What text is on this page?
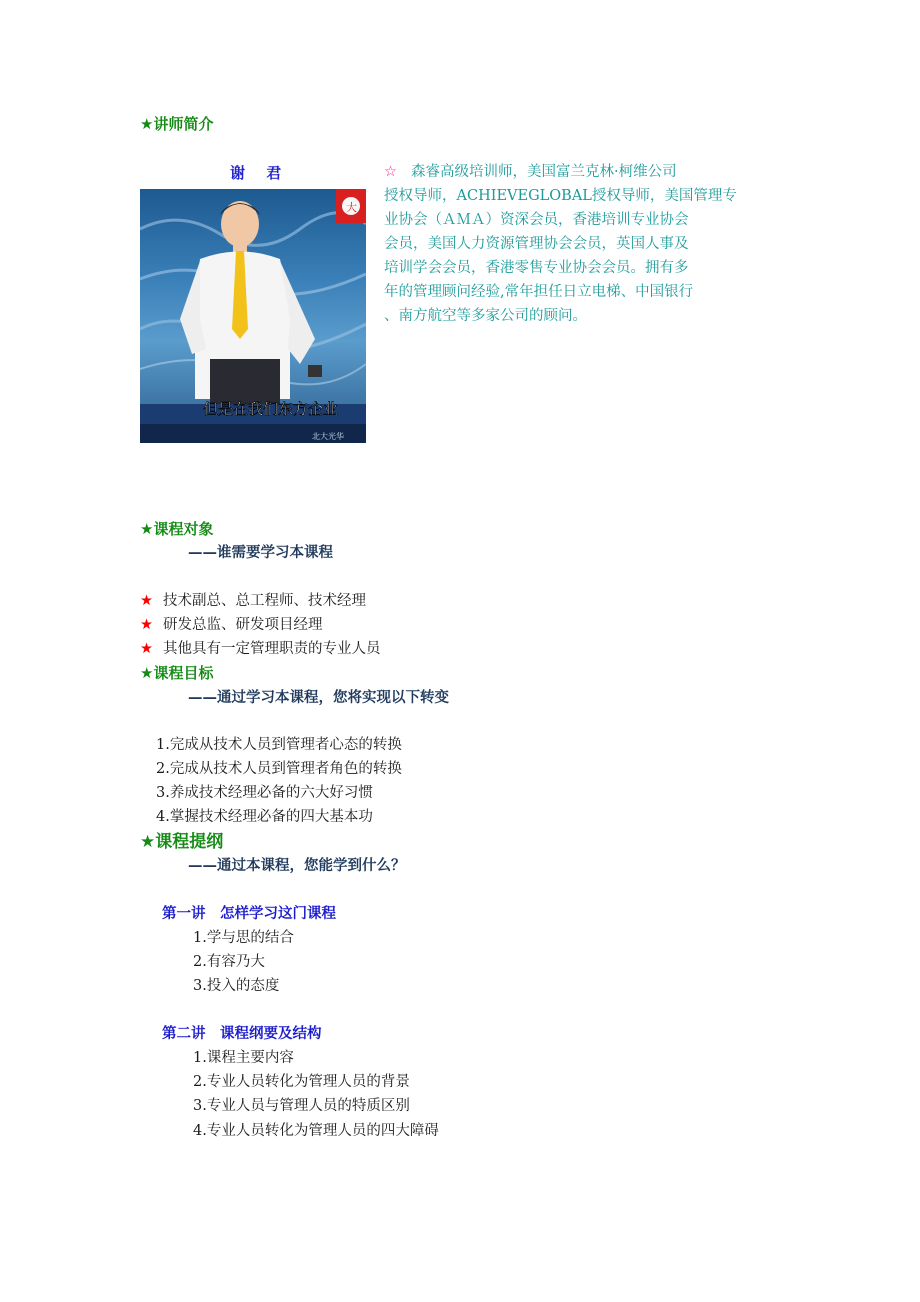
★讲师简介
谢 君
大
但是在我们东方企业
北大光华
☆ 森睿高级培训师，美国富兰克林·柯维公司
授权导师，ACHIEVEGLOBAL授权导师，美国管理专
业协会（ＡＭＡ）资深会员，香港培训专业协会
会员，美国人力资源管理协会会员，英国人事及
培训学会会员，香港零售专业协会会员。拥有多
年的管理顾问经验,常年担任日立电梯、中国银行
、南方航空等多家公司的顾问。
★课程对象
——谁需要学习本课程
★ 技术副总、总工程师、技术经理
★ 研发总监、研发项目经理
★ 其他具有一定管理职责的专业人员
★课程目标
——通过学习本课程，您将实现以下转变
1.完成从技术人员到管理者心态的转换
2.完成从技术人员到管理者角色的转换
3.养成技术经理必备的六大好习惯
4.掌握技术经理必备的四大基本功
★课程提纲
——通过本课程，您能学到什么？
第一讲　怎样学习这门课程
1.学与思的结合
2.有容乃大
3.投入的态度
第二讲　课程纲要及结构
1.课程主要内容
2.专业人员转化为管理人员的背景
3.专业人员与管理人员的特质区别
4.专业人员转化为管理人员的四大障碍
